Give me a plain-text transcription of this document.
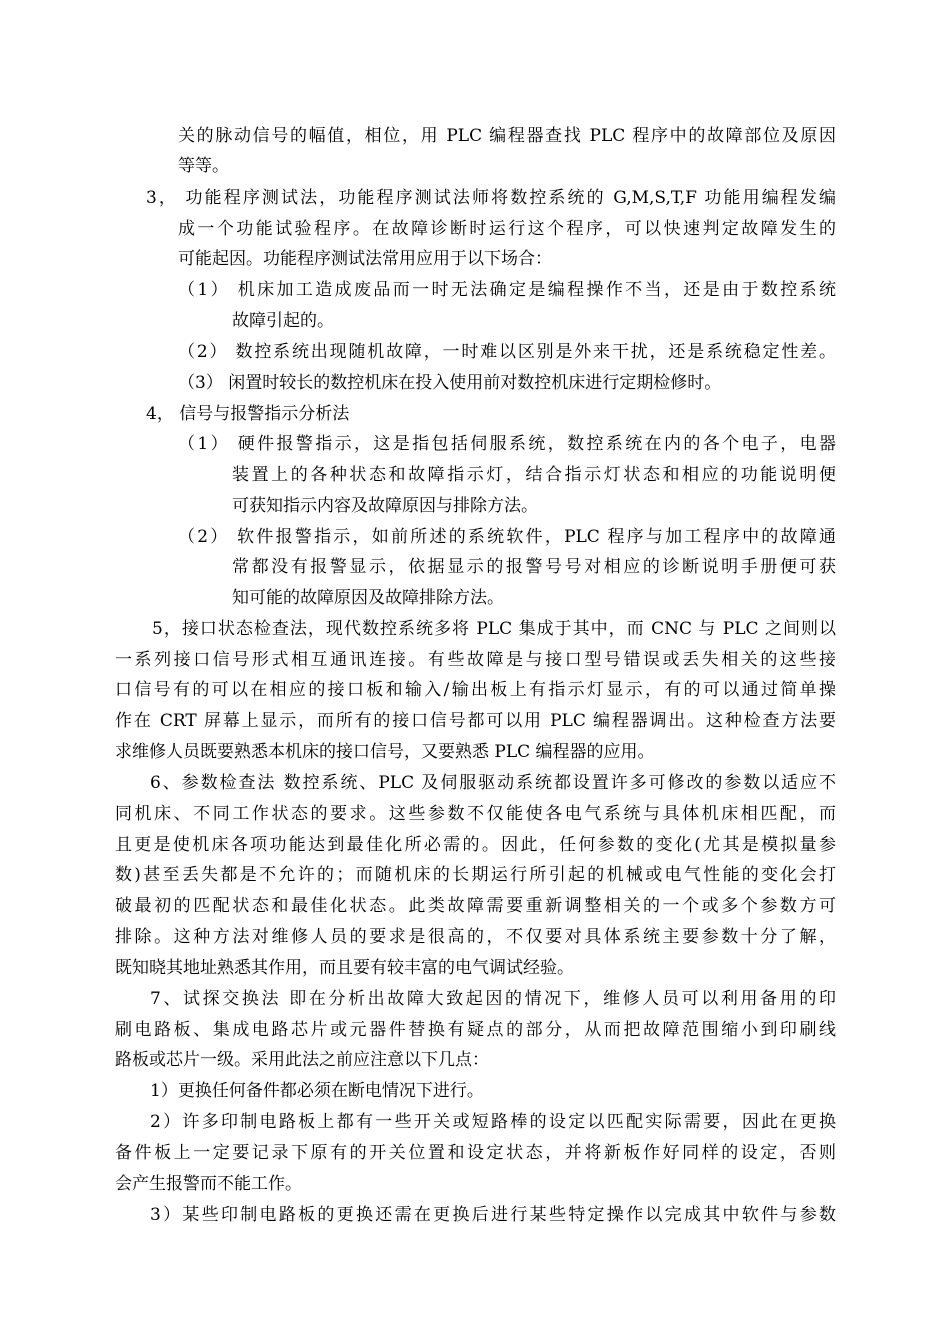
关的脉动信号的幅值，相位，用 PLC 编程器查找 PLC 程序中的故障部位及原因

等等。

3， 功能程序测试法，功能程序测试法师将数控系统的 G,M,S,T,F 功能用编程发编

成一个功能试验程序。在故障诊断时运行这个程序，可以快速判定故障发生的

可能起因。功能程序测试法常用应用于以下场合：

（1） 机床加工造成废品而一时无法确定是编程操作不当，还是由于数控系统

故障引起的。

（2） 数控系统出现随机故障，一时难以区别是外来干扰，还是系统稳定性差。

（3） 闲置时较长的数控机床在投入使用前对数控机床进行定期检修时。

4， 信号与报警指示分析法

（1） 硬件报警指示，这是指包括伺服系统，数控系统在内的各个电子，电器

装置上的各种状态和故障指示灯，结合指示灯状态和相应的功能说明便

可获知指示内容及故障原因与排除方法。

（2） 软件报警指示，如前所述的系统软件，PLC 程序与加工程序中的故障通

常都没有报警显示，依据显示的报警号号对相应的诊断说明手册便可获

知可能的故障原因及故障排除方法。

5，接口状态检查法，现代数控系统多将 PLC 集成于其中，而 CNC 与 PLC 之间则以

一系列接口信号形式相互通讯连接。有些故障是与接口型号错误或丢失相关的这些接

口信号有的可以在相应的接口板和输入/输出板上有指示灯显示，有的可以通过简单操

作在 CRT 屏幕上显示，而所有的接口信号都可以用 PLC 编程器调出。这种检查方法要

求维修人员既要熟悉本机床的接口信号，又要熟悉 PLC 编程器的应用。

6、参数检查法 数控系统、PLC 及伺服驱动系统都设置许多可修改的参数以适应不

同机床、不同工作状态的要求。这些参数不仅能使各电气系统与具体机床相匹配，而

且更是使机床各项功能达到最佳化所必需的。因此，任何参数的变化(尤其是模拟量参

数)甚至丢失都是不允许的；而随机床的长期运行所引起的机械或电气性能的变化会打

破最初的匹配状态和最佳化状态。此类故障需要重新调整相关的一个或多个参数方可

排除。这种方法对维修人员的要求是很高的，不仅要对具体系统主要参数十分了解，

既知晓其地址熟悉其作用，而且要有较丰富的电气调试经验。

7、试探交换法 即在分析出故障大致起因的情况下，维修人员可以利用备用的印

刷电路板、集成电路芯片或元器件替换有疑点的部分，从而把故障范围缩小到印刷线

路板或芯片一级。采用此法之前应注意以下几点：

1）更换任何备件都必须在断电情况下进行。

2）许多印制电路板上都有一些开关或短路棒的设定以匹配实际需要，因此在更换

备件板上一定要记录下原有的开关位置和设定状态，并将新板作好同样的设定，否则

会产生报警而不能工作。

3）某些印制电路板的更换还需在更换后进行某些特定操作以完成其中软件与参数
